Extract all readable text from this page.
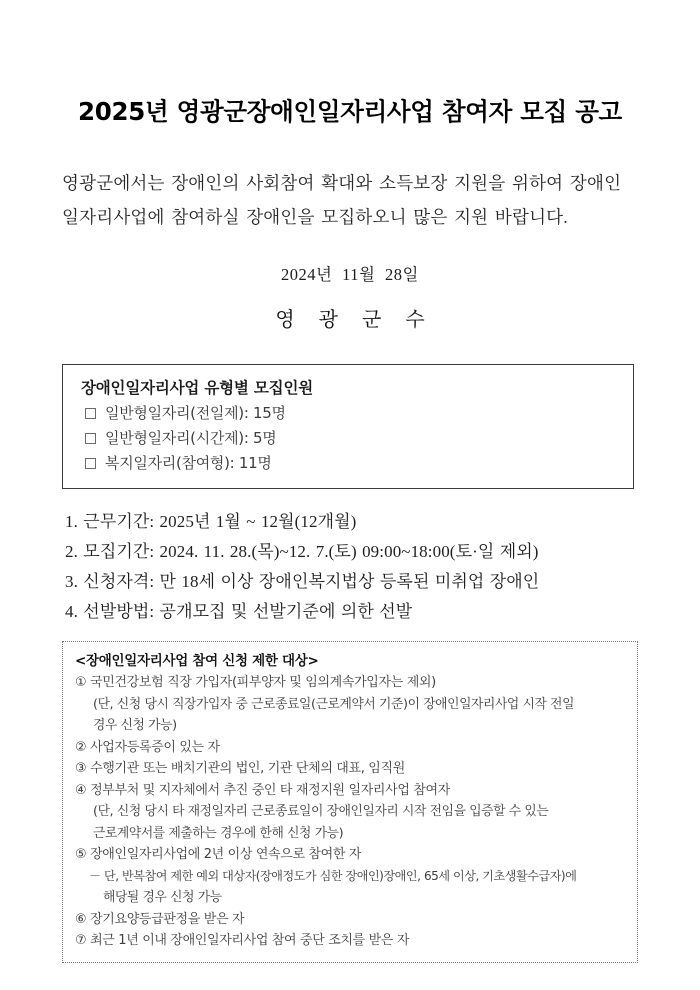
2025년 영광군장애인일자리사업 참여자 모집 공고

영광군에서는 장애인의 사회참여 확대와 소득보장 지원을 위하여 장애인
일자리사업에 참여하실 장애인을 모집하오니 많은 지원 바랍니다.

2024년 11월 28일

영광군수

장애인일자리사업 유형별 모집인원
일반형일자리(전일제): 15명
일반형일자리(시간제): 5명
복지일자리(참여형): 11명
1. 근무기간: 2025년 1월 ~ 12월(12개월)
2. 모집기간: 2024. 11. 28.(목)~12. 7.(토) 09:00~18:00(토·일 제외)
3. 신청자격: 만 18세 이상 장애인복지법상 등록된 미취업 장애인
4. 선발방법: 공개모집 및 선발기준에 의한 선발
<장애인일자리사업 참여 신청 제한 대상>
① 국민건강보험 직장 가입자(피부양자 및 임의계속가입자는 제외)
(단, 신청 당시 직장가입자 중 근로종료일(근로계약서 기준)이 장애인일자리사업 시작 전일
경우 신청 가능)
② 사업자등록증이 있는 자
③ 수행기관 또는 배치기관의 법인, 기관 단체의 대표, 임직원
④ 정부부처 및 지자체에서 추진 중인 타 재정지원 일자리사업 참여자
(단, 신청 당시 타 재정일자리 근로종료일이 장애인일자리 시작 전임을 입증할 수 있는
근로계약서를 제출하는 경우에 한해 신청 가능)
⑤ 장애인일자리사업에 2년 이상 연속으로 참여한 자
－ 단, 반복참여 제한 예외 대상자(장애정도가 심한 장애인)장애인, 65세 이상, 기초생활수급자)에
해당될 경우 신청 가능
⑥ 장기요양등급판정을 받은 자
⑦ 최근 1년 이내 장애인일자리사업 참여 중단 조치를 받은 자
